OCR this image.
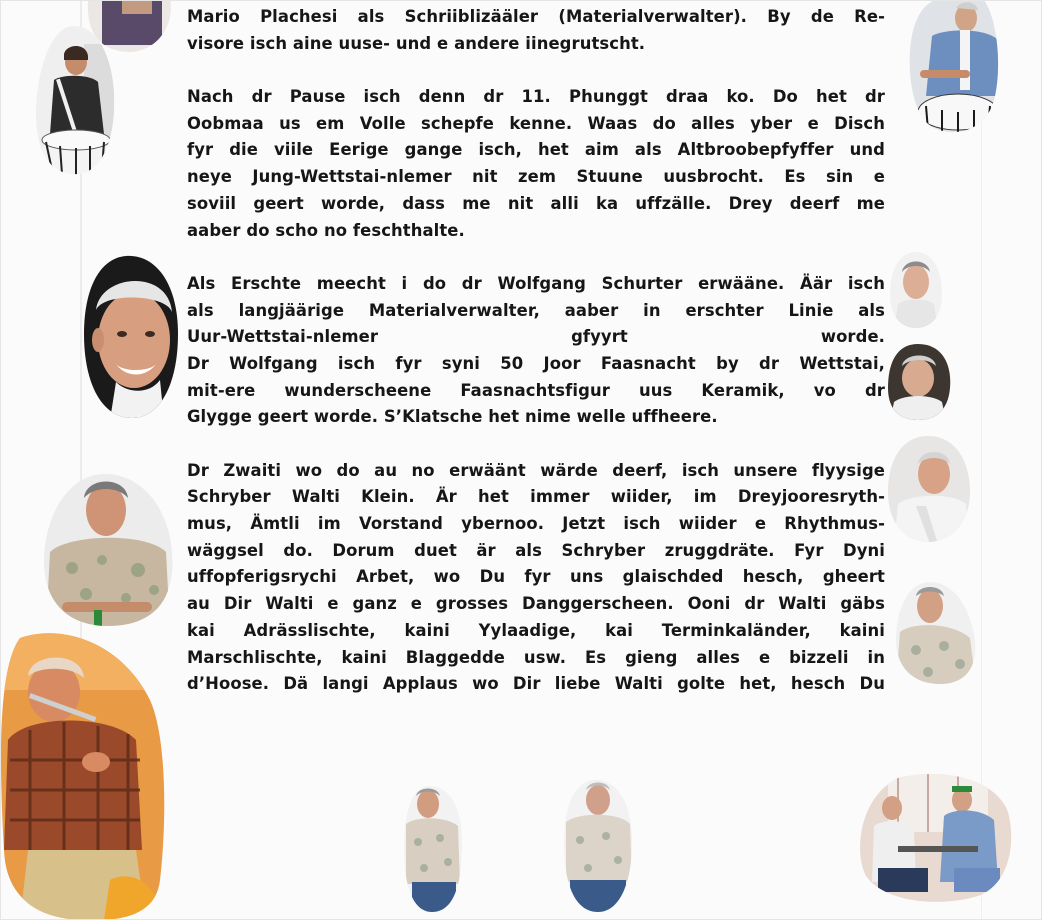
Mario Plachesi als Schriiblizääler (Materialverwalter). By de Re-
visore isch aine uuse- und e andere iinegrutscht.
Nach dr Pause isch denn dr 11. Phunggt draa ko. Do het dr
Oobmaa us em Volle schepfe kenne. Waas do alles yber e Disch
fyr die viile Eerige gange isch, het aim als Altbroobepfyffer und
neye Jung-Wettstai-nlemer nit zem Stuune uusbrocht. Es sin e
soviil geert worde, dass me nit alli ka uffzälle. Drey deerf me
aaber do scho no feschthalte.
Als Erschte meecht i do dr Wolfgang Schurter erwääne. Äär isch
als langjäärige Materialverwalter, aaber in erschter Linie als
Uur-Wettstai-nlemer gfyyrt worde.
Dr Wolfgang isch fyr syni 50 Joor Faasnacht by dr Wettstai,
mit-ere wunderscheene Faasnachtsfigur uus Keramik, vo dr
Glygge geert worde. S’Klatsche het nime welle uffheere.
Dr Zwaiti wo do au no erwäänt wärde deerf, isch unsere flyysige
Schryber Walti Klein. Är het immer wiider, im Dreyjooresryth-
mus, Ämtli im Vorstand ybernoo. Jetzt isch wiider e Rhythmus-
wäggsel do. Dorum duet är als Schryber zruggdräte. Fyr Dyni
uffopferigsrychi Arbet, wo Du fyr uns glaischded hesch, gheert
au Dir Walti e ganz e grosses Danggerscheen. Ooni dr Walti gäbs
kai Adrässlischte, kaini Yylaadige, kai Terminkaländer, kaini
Marschlischte, kaini Blaggedde usw. Es gieng alles e bizzeli in
d’Hoose. Dä langi Applaus wo Dir liebe Walti golte het, hesch Du
